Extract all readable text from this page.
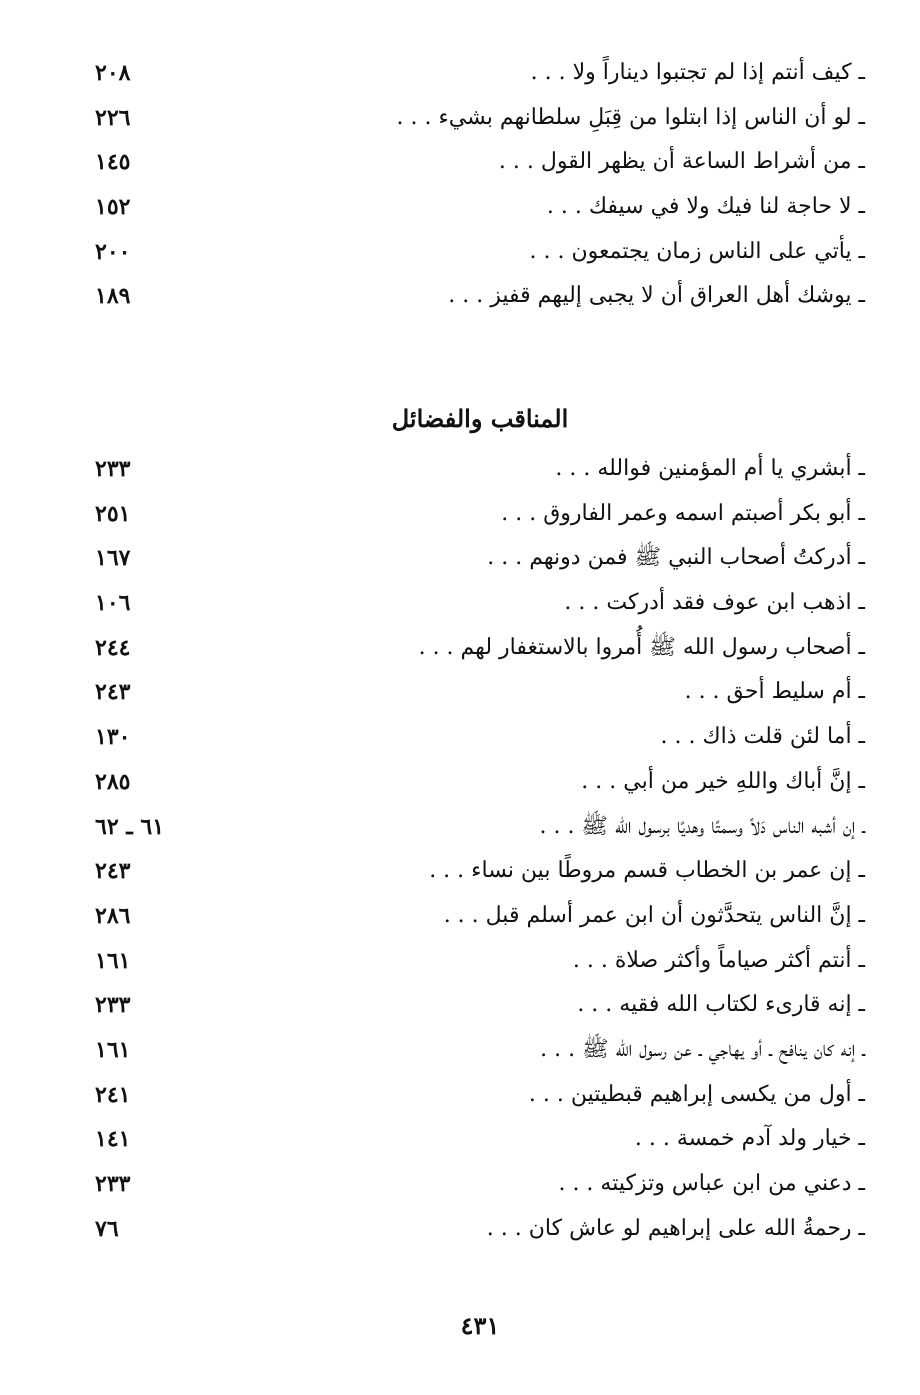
ـ كيف أنتم إذا لم تجتبوا ديناراً ولا . . .
٢٠٨
ـ لو أن الناس إذا ابتلوا من قِبَلِ سلطانهم بشيء . . .
٢٢٦
ـ من أشراط الساعة أن يظهر القول . . .
١٤٥
ـ لا حاجة لنا فيك ولا في سيفك . . .
١٥٢
ـ يأتي على الناس زمان يجتمعون . . .
٢٠٠
ـ يوشك أهل العراق أن لا يجبى إليهم قفيز . . .
١٨٩
المناقب والفضائل
ـ أبشري يا أم المؤمنين فوالله . . .
٢٣٣
ـ أبو بكر أصبتم اسمه وعمر الفاروق . . .
٢٥١
ـ أدركتُ أصحاب النبي ﷺ فمن دونهم . . .
١٦٧
ـ اذهب ابن عوف فقد أدركت . . .
١٠٦
ـ أصحاب رسول الله ﷺ أُمروا بالاستغفار لهم . . .
٢٤٤
ـ أم سليط أحق . . .
٢٤٣
ـ أما لئن قلت ذاك . . .
١٣٠
ـ إنَّ أباك واللهِ خير من أبي . . .
٢٨٥
ـ إن أشبه الناس دَلاً وسمتًا وهديًا برسول الله ﷺ . . .
٦١ ـ ٦٢
ـ إن عمر بن الخطاب قسم مروطًا بين نساء . . .
٢٤٣
ـ إنَّ الناس يتحدَّثون أن ابن عمر أسلم قبل . . .
٢٨٦
ـ أنتم أكثر صياماً وأكثر صلاة . . .
١٦١
ـ إنه قارىء لكتاب الله فقيه . . .
٢٣٣
ـ إنه كان ينافح ـ أو يهاجي ـ عن رسول الله ﷺ . . .
١٦١
ـ أول من يكسى إبراهيم قبطيتين . . .
٢٤١
ـ خيار ولد آدم خمسة . . .
١٤١
ـ دعني من ابن عباس وتزكيته . . .
٢٣٣
ـ رحمةُ الله على إبراهيم لو عاش كان . . .
٧٦
٤٣١
